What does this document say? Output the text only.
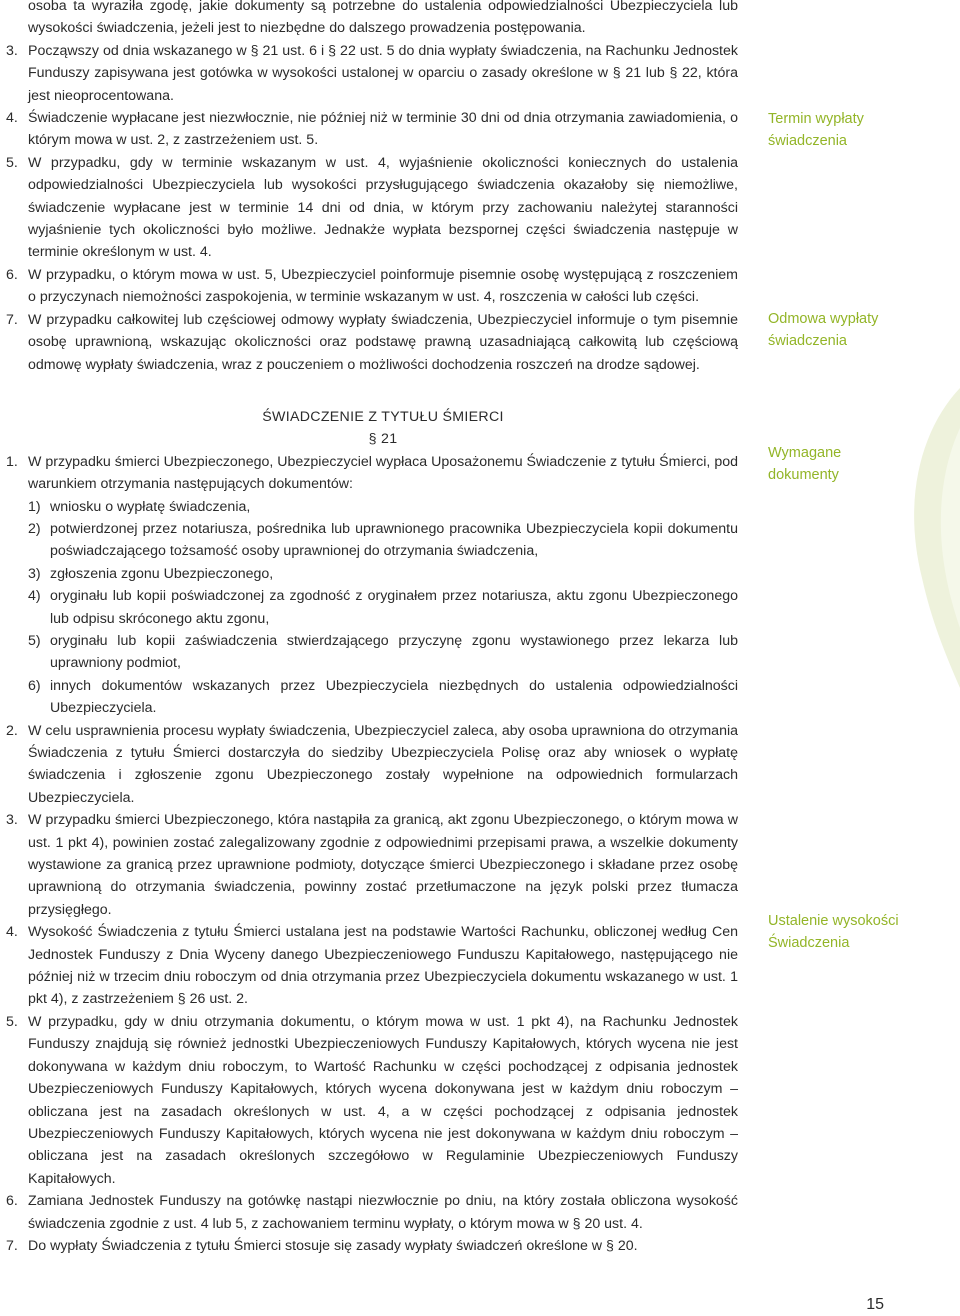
osoba ta wyraziła zgodę, jakie dokumenty są potrzebne do ustalenia odpowiedzialności Ubezpieczyciela lub wysokości świadczenia, jeżeli jest to niezbędne do dalszego prowadzenia postępowania.
3. Począwszy od dnia wskazanego w § 21 ust. 6 i § 22 ust. 5 do dnia wypłaty świadczenia, na Rachunku Jednostek Funduszy zapisywana jest gotówka w wysokości ustalonej w oparciu o zasady określone w § 21 lub § 22, która jest nieoprocentowana.
4. Świadczenie wypłacane jest niezwłocznie, nie później niż w terminie 30 dni od dnia otrzymania zawiadomienia, o którym mowa w ust. 2, z zastrzeżeniem ust. 5.
5. W przypadku, gdy w terminie wskazanym w ust. 4, wyjaśnienie okoliczności koniecznych do ustalenia odpowiedzialności Ubezpieczyciela lub wysokości przysługującego świadczenia okazałoby się niemożliwe, świadczenie wypłacane jest w terminie 14 dni od dnia, w którym przy zachowaniu należytej staranności wyjaśnienie tych okoliczności było możliwe. Jednakże wypłata bezspornej części świadczenia następuje w terminie określonym w ust. 4.
6. W przypadku, o którym mowa w ust. 5, Ubezpieczyciel poinformuje pisemnie osobę występującą z roszczeniem o przyczynach niemożności zaspokojenia, w terminie wskazanym w ust. 4, roszczenia w całości lub części.
7. W przypadku całkowitej lub częściowej odmowy wypłaty świadczenia, Ubezpieczyciel informuje o tym pisemnie osobę uprawnioną, wskazując okoliczności oraz podstawę prawną uzasadniającą całkowitą lub częściową odmowę wypłaty świadczenia, wraz z pouczeniem o możliwości dochodzenia roszczeń na drodze sądowej.
ŚWIADCZENIE Z TYTUŁU ŚMIERCI
§ 21
1. W przypadku śmierci Ubezpieczonego, Ubezpieczyciel wypłaca Uposażonemu Świadczenie z tytułu Śmierci, pod warunkiem otrzymania następujących dokumentów:
1) wniosku o wypłatę świadczenia,
2) potwierdzonej przez notariusza, pośrednika lub uprawnionego pracownika Ubezpieczyciela kopii dokumentu poświadczającego tożsamość osoby uprawnionej do otrzymania świadczenia,
3) zgłoszenia zgonu Ubezpieczonego,
4) oryginału lub kopii poświadczonej za zgodność z oryginałem przez notariusza, aktu zgonu Ubezpieczonego lub odpisu skróconego aktu zgonu,
5) oryginału lub kopii zaświadczenia stwierdzającego przyczynę zgonu wystawionego przez lekarza lub uprawniony podmiot,
6) innych dokumentów wskazanych przez Ubezpieczyciela niezbędnych do ustalenia odpowiedzialności Ubezpieczyciela.
2. W celu usprawnienia procesu wypłaty świadczenia, Ubezpieczyciel zaleca, aby osoba uprawniona do otrzymania Świadczenia z tytułu Śmierci dostarczyła do siedziby Ubezpieczyciela Polisę oraz aby wniosek o wypłatę świadczenia i zgłoszenie zgonu Ubezpieczonego zostały wypełnione na odpowiednich formularzach Ubezpieczyciela.
3. W przypadku śmierci Ubezpieczonego, która nastąpiła za granicą, akt zgonu Ubezpieczonego, o którym mowa w ust. 1 pkt 4), powinien zostać zalegalizowany zgodnie z odpowiednimi przepisami prawa, a wszelkie dokumenty wystawione za granicą przez uprawnione podmioty, dotyczące śmierci Ubezpieczonego i składane przez osobę uprawnioną do otrzymania świadczenia, powinny zostać przetłumaczone na język polski przez tłumacza przysięgłego.
4. Wysokość Świadczenia z tytułu Śmierci ustalana jest na podstawie Wartości Rachunku, obliczonej według Cen Jednostek Funduszy z Dnia Wyceny danego Ubezpieczeniowego Funduszu Kapitałowego, następującego nie później niż w trzecim dniu roboczym od dnia otrzymania przez Ubezpieczyciela dokumentu wskazanego w ust. 1 pkt 4), z zastrzeżeniem § 26 ust. 2.
5. W przypadku, gdy w dniu otrzymania dokumentu, o którym mowa w ust. 1 pkt 4), na Rachunku Jednostek Funduszy znajdują się również jednostki Ubezpieczeniowych Funduszy Kapitałowych, których wycena nie jest dokonywana w każdym dniu roboczym, to Wartość Rachunku w części pochodzącej z odpisania jednostek Ubezpieczeniowych Funduszy Kapitałowych, których wycena dokonywana jest w każdym dniu roboczym – obliczana jest na zasadach określonych w ust. 4, a w części pochodzącej z odpisania jednostek Ubezpieczeniowych Funduszy Kapitałowych, których wycena nie jest dokonywana w każdym dniu roboczym – obliczana jest na zasadach określonych szczegółowo w Regulaminie Ubezpieczeniowych Funduszy Kapitałowych.
6. Zamiana Jednostek Funduszy na gotówkę nastąpi niezwłocznie po dniu, na który została obliczona wysokość świadczenia zgodnie z ust. 4 lub 5, z zachowaniem terminu wypłaty, o którym mowa w § 20 ust. 4.
7. Do wypłaty Świadczenia z tytułu Śmierci stosuje się zasady wypłaty świadczeń określone w § 20.
Termin wypłaty świadczenia
Odmowa wypłaty świadczenia
Wymagane dokumenty
Ustalenie wysokości Świadczenia
15
